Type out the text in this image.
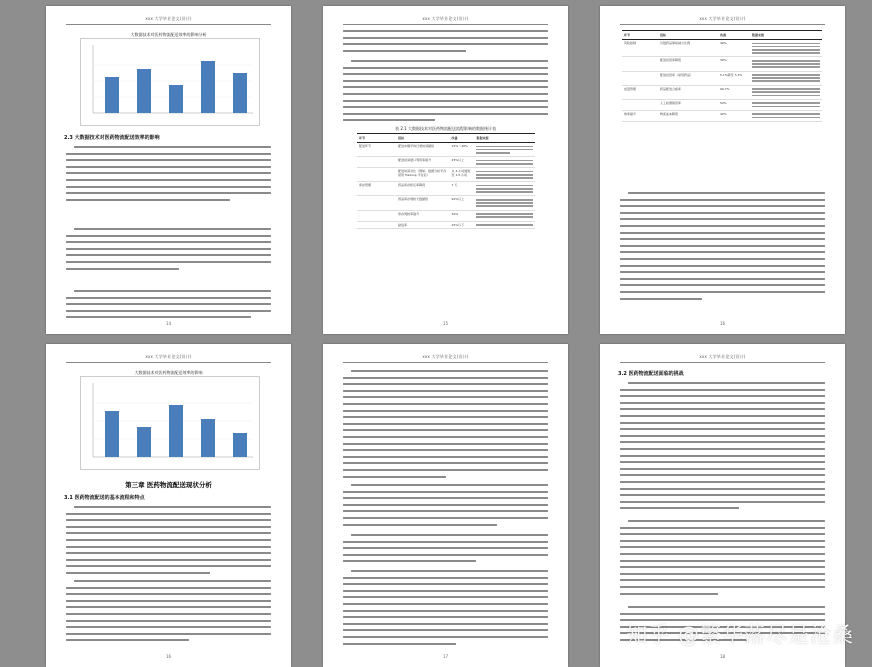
xxx 大学毕业论文(设计)
大数据技术对医药物流配送效率的影响分析
2.3 大数据技术对医药物流配送效率的影响
14
xxx 大学毕业论文(设计)
表 2.1 大数据技术对医药物流配送流程影响的数据统计表
环节	指标	改善	数据来源
配送环节	配送车辆平均行驶时间缩短	15%～20%	

	配送时间窗口利用率提升	25%以上	

	配送时间对比（例如：数据分析平台使用 Hadoop 平台后）	从 4 小时缩短至 1.5 小时	

库存管理	药品库存积压率降低	7 天	

	药品库存周转天数缩短	90%以上	

	库存周转率提升	30%	

	缺货率	25%以下	
15
xxx 大学毕业论文(设计)
环节	指标	改善	数据来源
风险控制	冷链药品事故减少比例	40%	

	配送延误率降低	30%	

	配送延误率（常用药品）	5.1%降至 3.3%	

质量管理	药品配送合格率	99.7%	

	人工检测错误率	50%	

效率提升	物流成本降低	40%	
16
xxx 大学毕业论文(设计)
大数据技术对医药物流配送效率的影响
第三章 医药物流配送现状分析
3.1 医药物流配送的基本流程和特点
16
xxx 大学毕业论文(设计)
17
xxx 大学毕业论文(设计)
3.2 医药物流配送面临的挑战
18
知乎 @繁华落尽是沧桑
